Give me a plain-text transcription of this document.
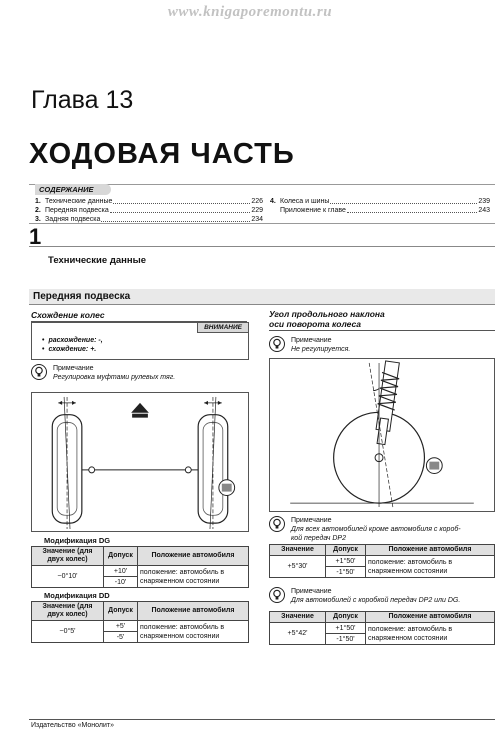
www.knigaporemontu.ru
Глава 13
ХОДОВАЯ ЧАСТЬ
СОДЕРЖАНИЕ
1. Технические данные	226
2. Передняя подвеска	229
3. Задняя подвеска	234
4. Колеса и шины	239
Приложение к главе	243
1
Технические данные
Передняя подвеска
Схождение колес
ВНИМАНИЕ
• расхождение: -,
• схождение: +.
Примечание
Регулировка муфтами рулевых тяг.
Модификация DG
Значение (для двух колес)	Допуск	Положение автомобиля
~0°10'	+10'	положение: автомобиль в снаряженном состоянии
	-10'	
Модификация DD
Значение (для двух колес)	Допуск	Положение автомобиля
~0°5'	+5'	положение: автомобиль в снаряженном состоянии
	-5'	
Угол продольного наклона
оси поворота колеса
Примечание
Не регулируется.
Примечание
Для всех автомобилей кроме автомобиля с короб-
кой передач DP2
Значение	Допуск	Положение автомобиля
+5°30'	+1°50'	положение: автомобиль в снаряженном состоянии
	-1°50'	
Примечание
Для автомобилей с коробкой передач DP2 или DG.
Значение	Допуск	Положение автомобиля
+5°42'	+1°50'	положение: автомобиль в снаряженном состоянии
	-1°50'	
Издательство «Монолит»
